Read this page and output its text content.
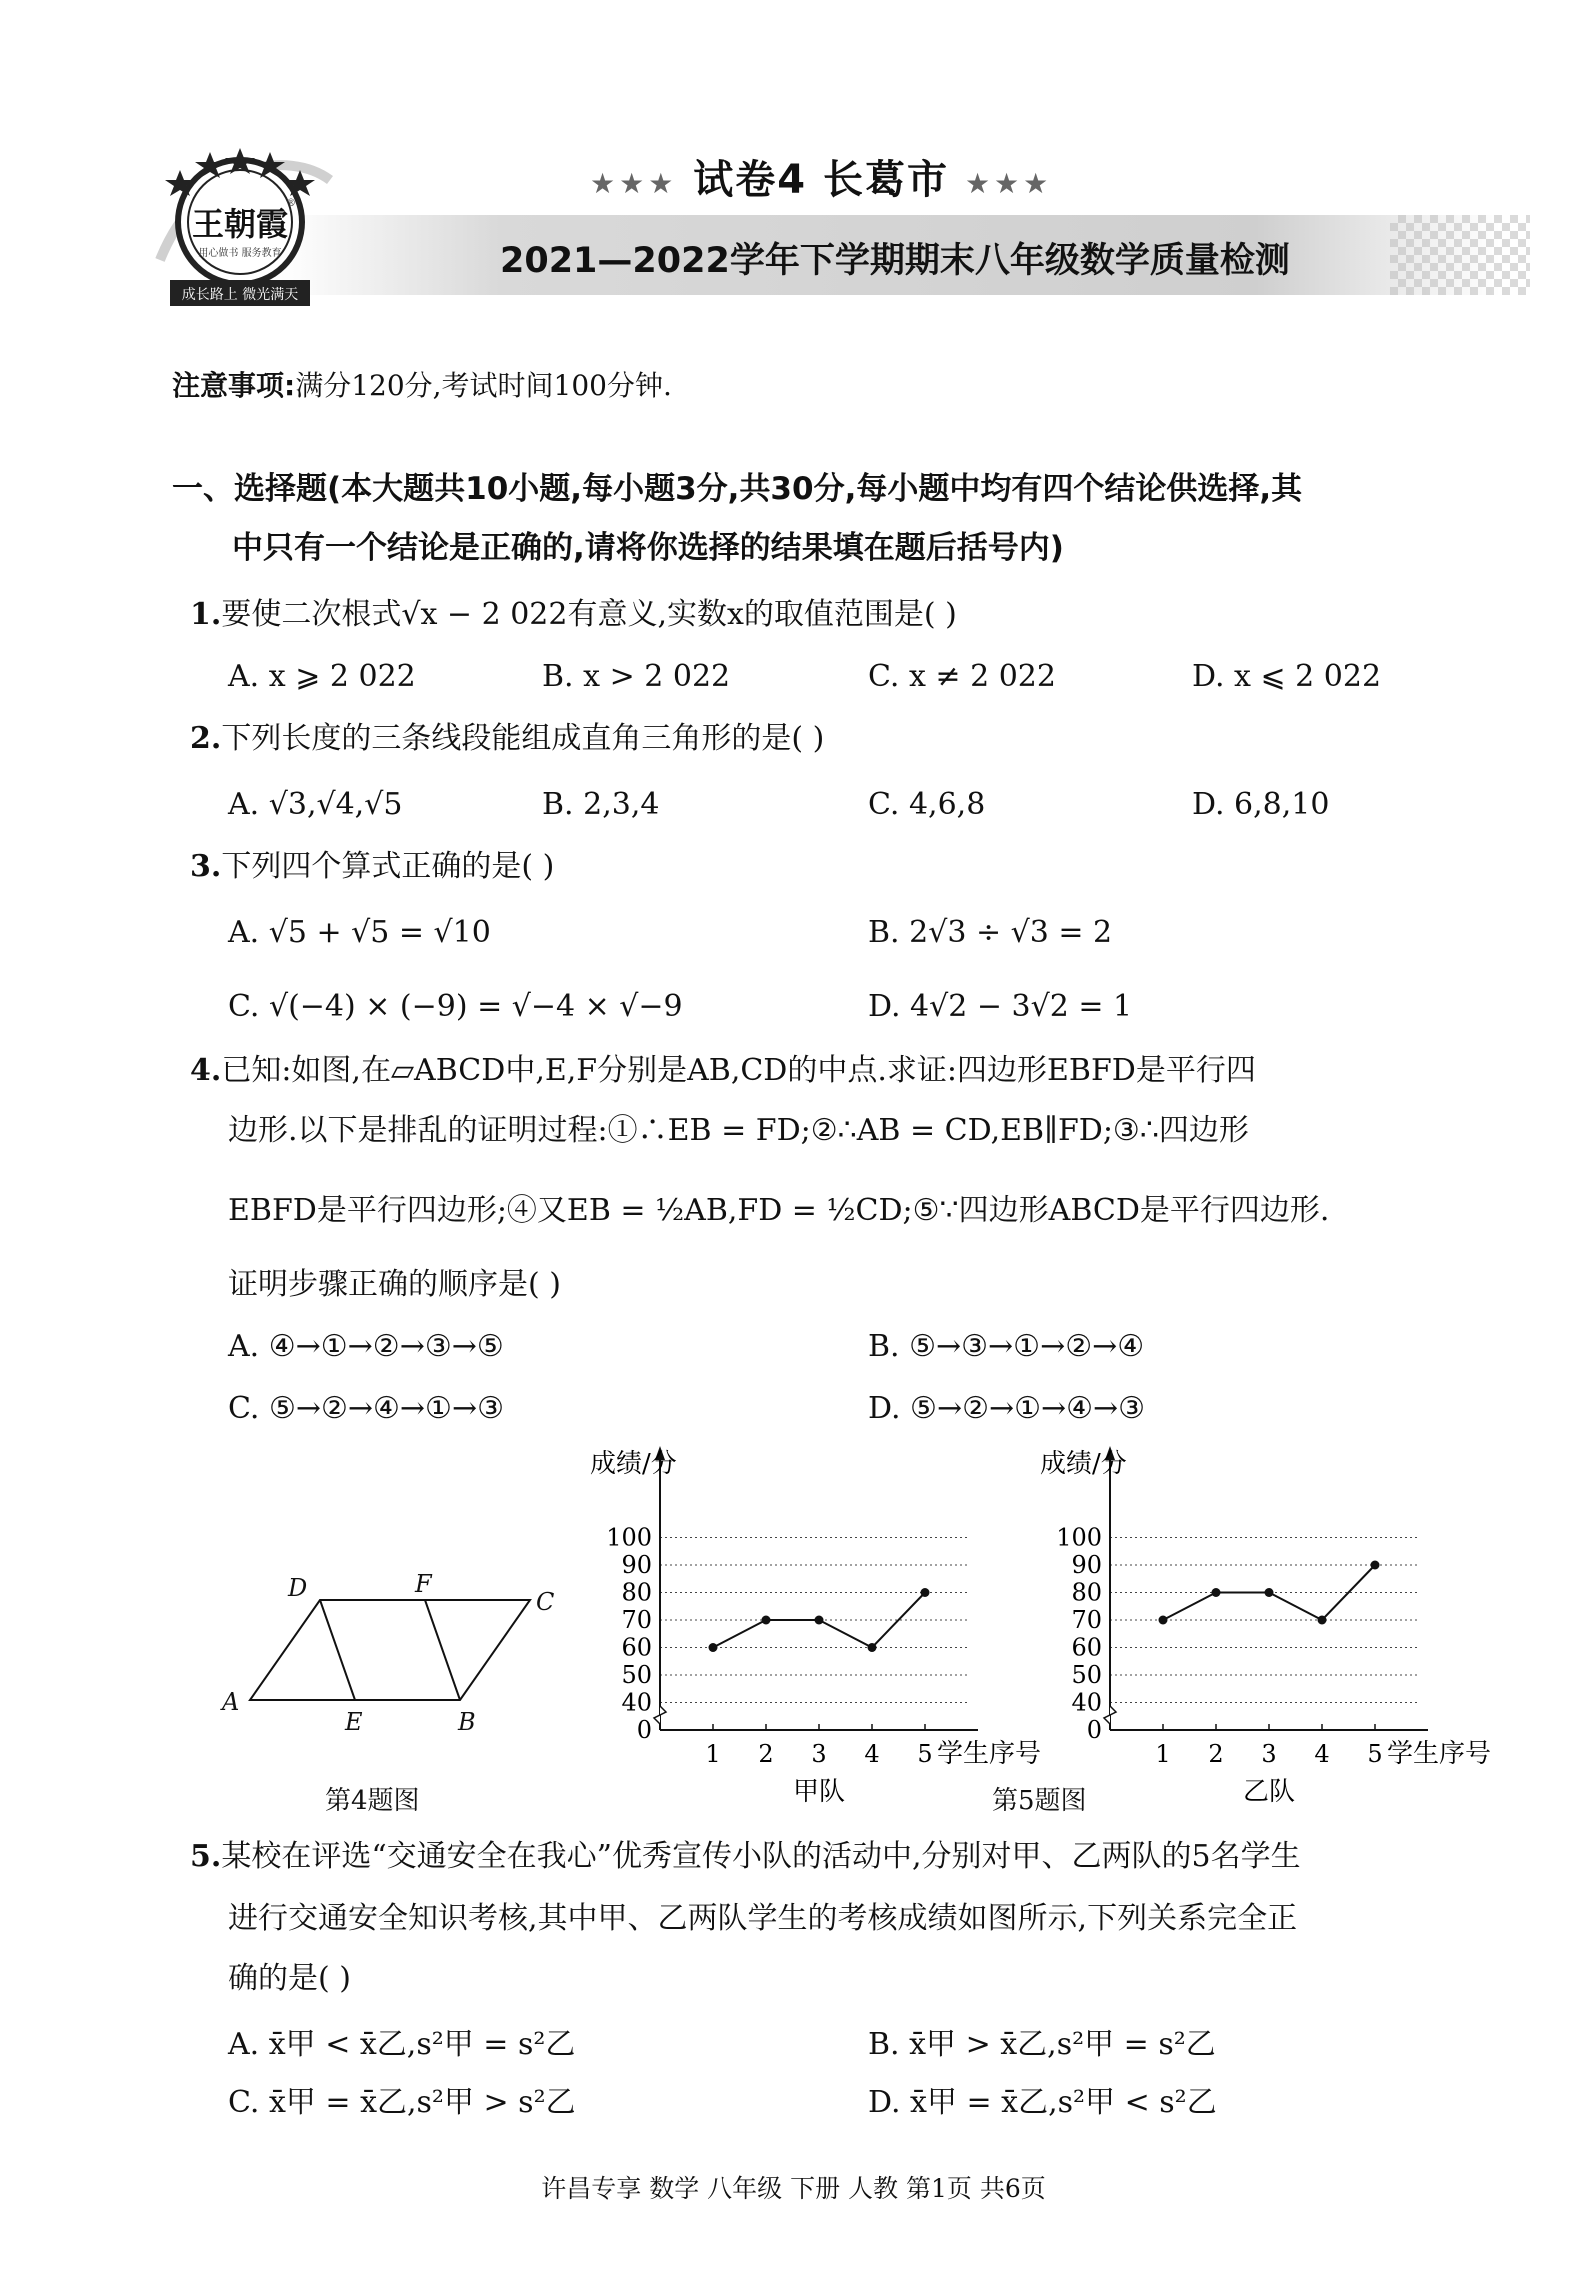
成长路上 微光满天
王朝霞
用心做书 服务教育
®
★★★ 试卷4 长葛市 ★★★
2021—2022学年下学期期末八年级数学质量检测
注意事项:满分120分,考试时间100分钟.
一、选择题(本大题共10小题,每小题3分,共30分,每小题中均有四个结论供选择,其
中只有一个结论是正确的,请将你选择的结果填在题后括号内)
1.要使二次根式√x − 2 022有意义,实数x的取值范围是( )
A. x ⩾ 2 022	B. x > 2 022	C. x ≠ 2 022	D. x ⩽ 2 022
2.下列长度的三条线段能组成直角三角形的是( )
A. √3,√4,√5	B. 2,3,4	C. 4,6,8	D. 6,8,10
3.下列四个算式正确的是( )
A. √5 + √5 = √10	B. 2√3 ÷ √3 = 2
C. √(−4) × (−9) = √−4 × √−9	D. 4√2 − 3√2 = 1
4.已知:如图,在▱ABCD中,E,F分别是AB,CD的中点.求证:四边形EBFD是平行四
边形.以下是排乱的证明过程:①∴EB = FD;②∴AB = CD,EB∥FD;③∴四边形
EBFD是平行四边形;④又EB = ½AB,FD = ½CD;⑤∵四边形ABCD是平行四边形.
证明步骤正确的顺序是( )
A. ④→①→②→③→⑤	B. ⑤→③→①→②→④
C. ⑤→②→④→①→③	D. ⑤→②→①→④→③
A
B
C
D
E
F
第4题图
0
40
50
60
70
80
90
100
1 2 3 4 5
成绩/分
学生序号
甲队
0
40
50
60
70
80
90
100
1 2 3 4 5
成绩/分
学生序号
乙队
第5题图
5.某校在评选“交通安全在我心”优秀宣传小队的活动中,分别对甲、乙两队的5名学生
进行交通安全知识考核,其中甲、乙两队学生的考核成绩如图所示,下列关系完全正
确的是( )
A. x̄甲 < x̄乙,s²甲 = s²乙	B. x̄甲 > x̄乙,s²甲 = s²乙
C. x̄甲 = x̄乙,s²甲 > s²乙	D. x̄甲 = x̄乙,s²甲 < s²乙
许昌专享 数学 八年级 下册 人教 第1页 共6页
